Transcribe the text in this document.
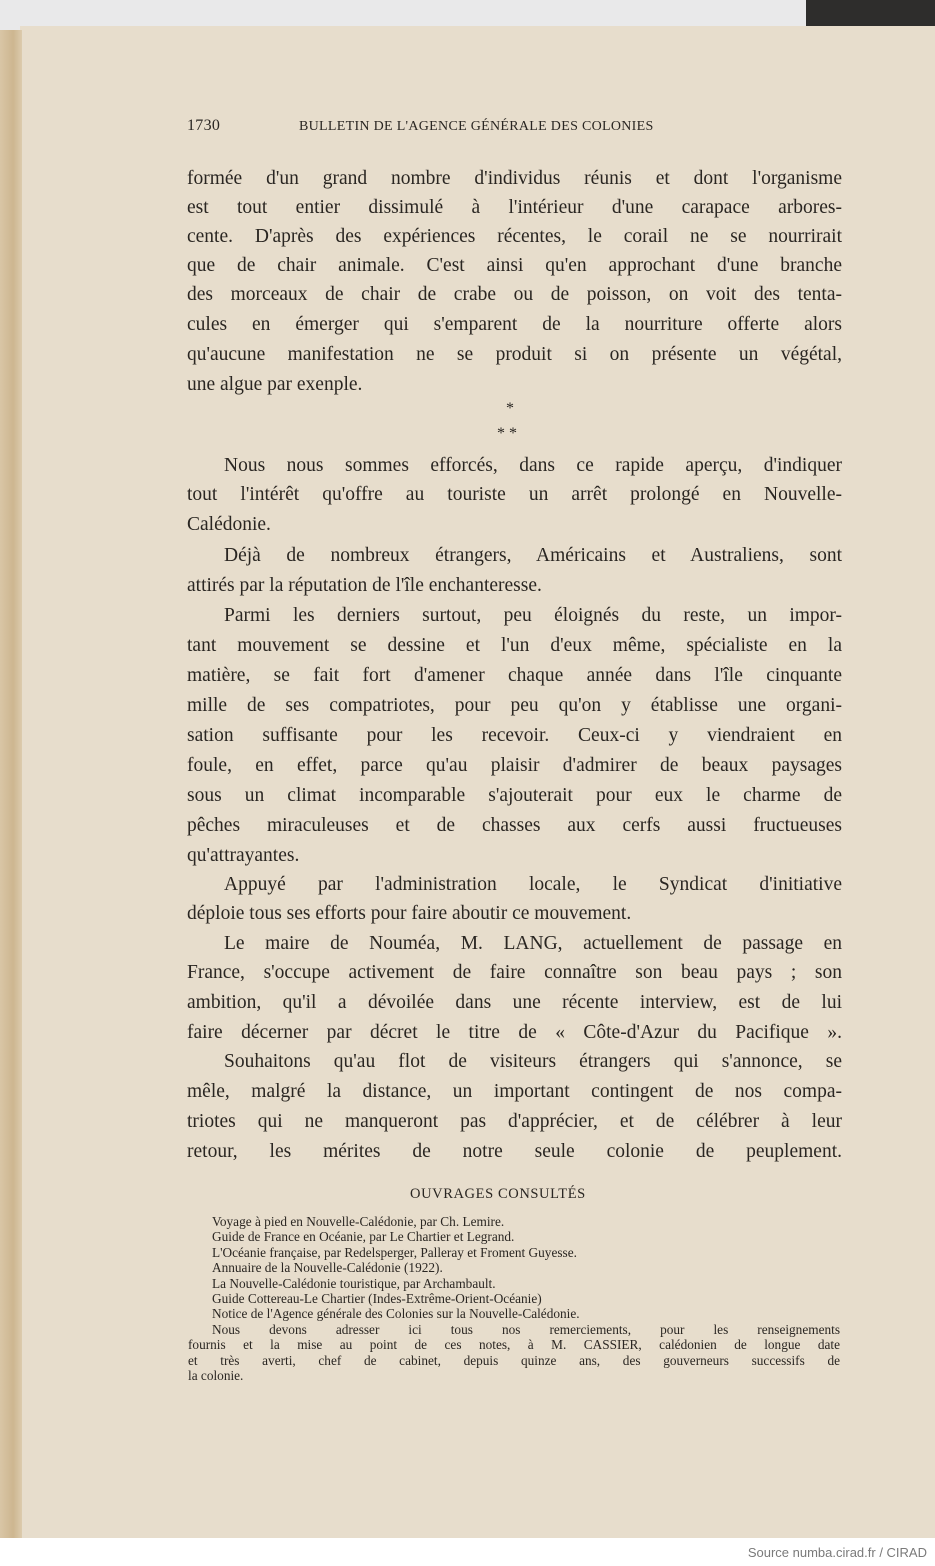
Source numba.cirad.fr / CIRAD
1730	BULLETIN DE L'AGENCE GÉNÉRALE DES COLONIES
formée d'un grand nombre d'individus réunis et dont l'organisme
est tout entier dissimulé à l'intérieur d'une carapace arbores-
cente. D'après des expériences récentes, le corail ne se nourrirait
que de chair animale. C'est ainsi qu'en approchant d'une branche
des morceaux de chair de crabe ou de poisson, on voit des tenta-
cules en émerger qui s'emparent de la nourriture offerte alors
qu'aucune manifestation ne se produit si on présente un végétal,
une algue par exenple.
Nous nous sommes efforcés, dans ce rapide aperçu, d'indiquer
tout l'intérêt qu'offre au touriste un arrêt prolongé en Nouvelle-
Calédonie.
Déjà de nombreux étrangers, Américains et Australiens, sont
attirés par la réputation de l'île enchanteresse.
Parmi les derniers surtout, peu éloignés du reste, un impor-
tant mouvement se dessine et l'un d'eux même, spécialiste en la
matière, se fait fort d'amener chaque année dans l'île cinquante
mille de ses compatriotes, pour peu qu'on y établisse une organi-
sation suffisante pour les recevoir. Ceux-ci y viendraient en
foule, en effet, parce qu'au plaisir d'admirer de beaux paysages
sous un climat incomparable s'ajouterait pour eux le charme de
pêches miraculeuses et de chasses aux cerfs aussi fructueuses
qu'attrayantes.
Appuyé par l'administration locale, le Syndicat d'initiative
déploie tous ses efforts pour faire aboutir ce mouvement.
Le maire de Nouméa, M. LANG, actuellement de passage en
France, s'occupe activement de faire connaître son beau pays ; son
ambition, qu'il a dévoilée dans une récente interview, est de lui
faire décerner par décret le titre de « Côte-d'Azur du Pacifique ».
Souhaitons qu'au flot de visiteurs étrangers qui s'annonce, se
mêle, malgré la distance, un important contingent de nos compa-
triotes qui ne manqueront pas d'apprécier, et de célébrer à leur
retour, les mérites de notre seule colonie de peuplement.
*
* *
OUVRAGES CONSULTÉS
Voyage à pied en Nouvelle-Calédonie, par Ch. Lemire.
Guide de France en Océanie, par Le Chartier et Legrand.
L'Océanie française, par Redelsperger, Palleray et Froment Guyesse.
Annuaire de la Nouvelle-Calédonie (1922).
La Nouvelle-Calédonie touristique, par Archambault.
Guide Cottereau-Le Chartier (Indes-Extrême-Orient-Océanie)
Notice de l'Agence générale des Colonies sur la Nouvelle-Calédonie.
Nous devons adresser ici tous nos remerciements, pour les renseignements
fournis et la mise au point de ces notes, à M. CASSIER, calédonien de longue date
et très averti, chef de cabinet, depuis quinze ans, des gouverneurs successifs de
la colonie.
